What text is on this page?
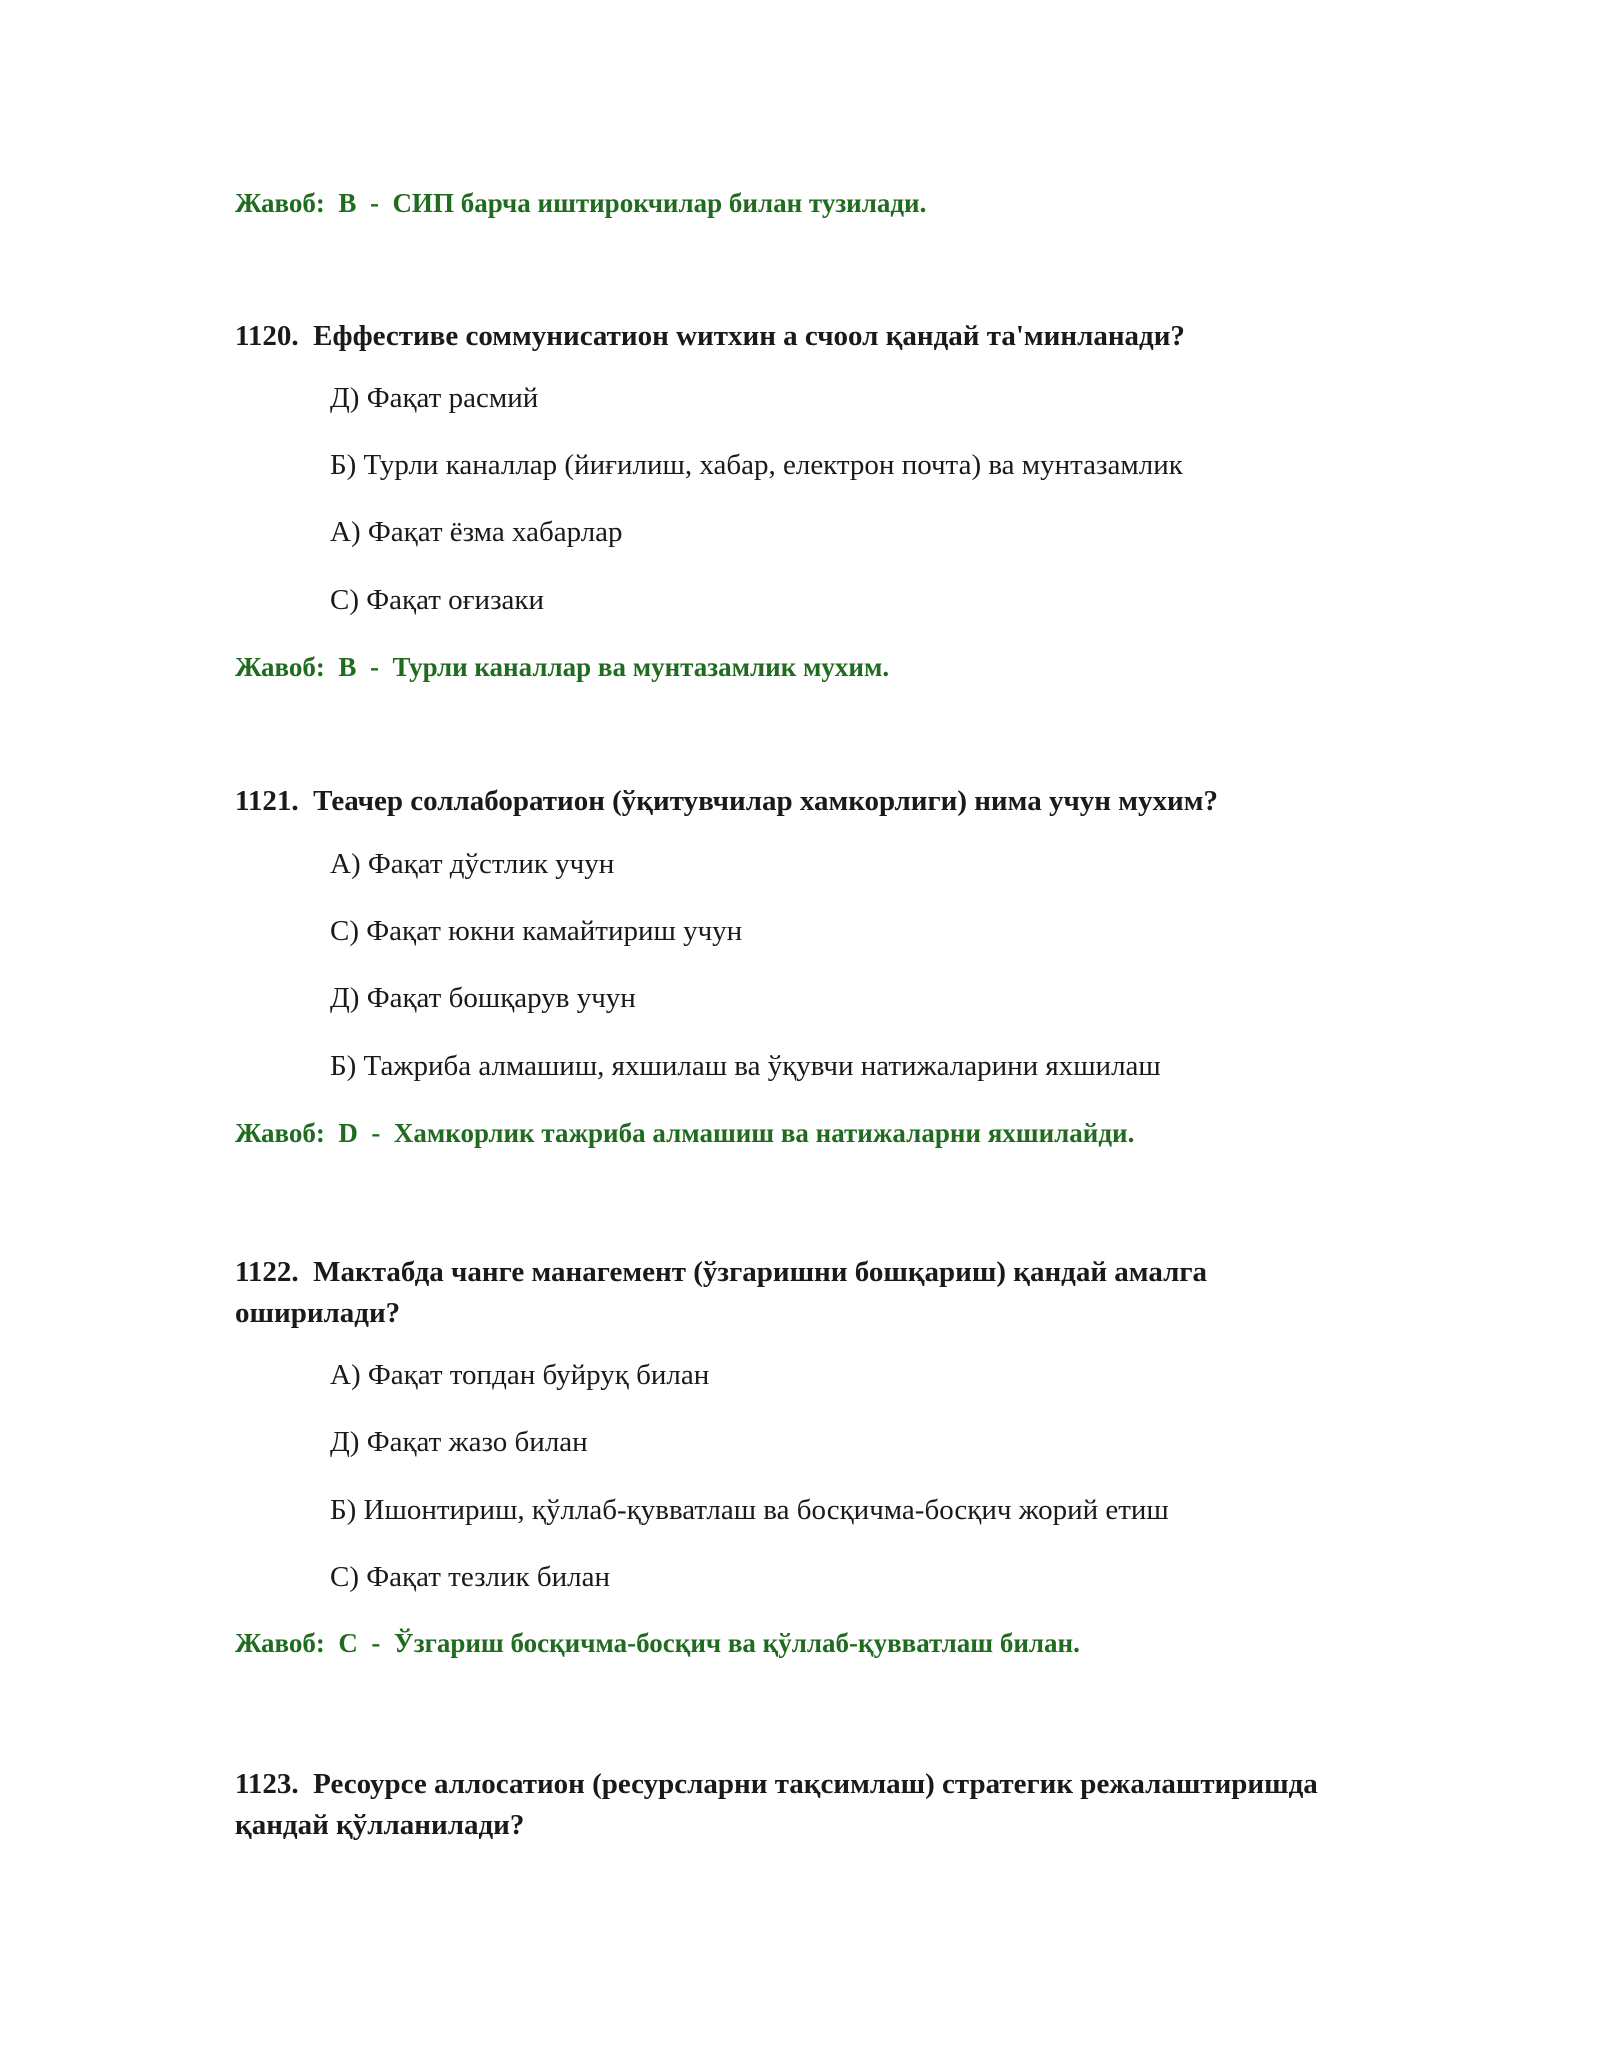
Жавоб: B - СИП барча иштирокчилар билан тузилади.
1120. Еффестиве соммунисатион wитхин а счоол қандай та'минланади?
Д) Фақат расмий
Б) Турли каналлар (йиғилиш, хабар, електрон почта) ва мунтазамлик
А) Фақат ёзма хабарлар
С) Фақат оғизаки
Жавоб: B - Турли каналлар ва мунтазамлик мухим.
1121. Теачер соллаборатион (ўқитувчилар хамкорлиги) нима учун мухим?
А) Фақат дўстлик учун
С) Фақат юкни камайтириш учун
Д) Фақат бошқарув учун
Б) Тажриба алмашиш, яхшилаш ва ўқувчи натижаларини яхшилаш
Жавоб: D - Хамкорлик тажриба алмашиш ва натижаларни яхшилайди.
1122. Мактабда чанге манагемент (ўзгаришни бошқариш) қандай амалга оширилади?
А) Фақат топдан буйруқ билан
Д) Фақат жазо билан
Б) Ишонтириш, қўллаб-қувватлаш ва босқичма-босқич жорий етиш
С) Фақат тезлик билан
Жавоб: C - Ўзгариш босқичма-босқич ва қўллаб-қувватлаш билан.
1123. Ресоурсе аллосатион (ресурсларни тақсимлаш) стратегик режалаштиришда қандай қўлланилади?
